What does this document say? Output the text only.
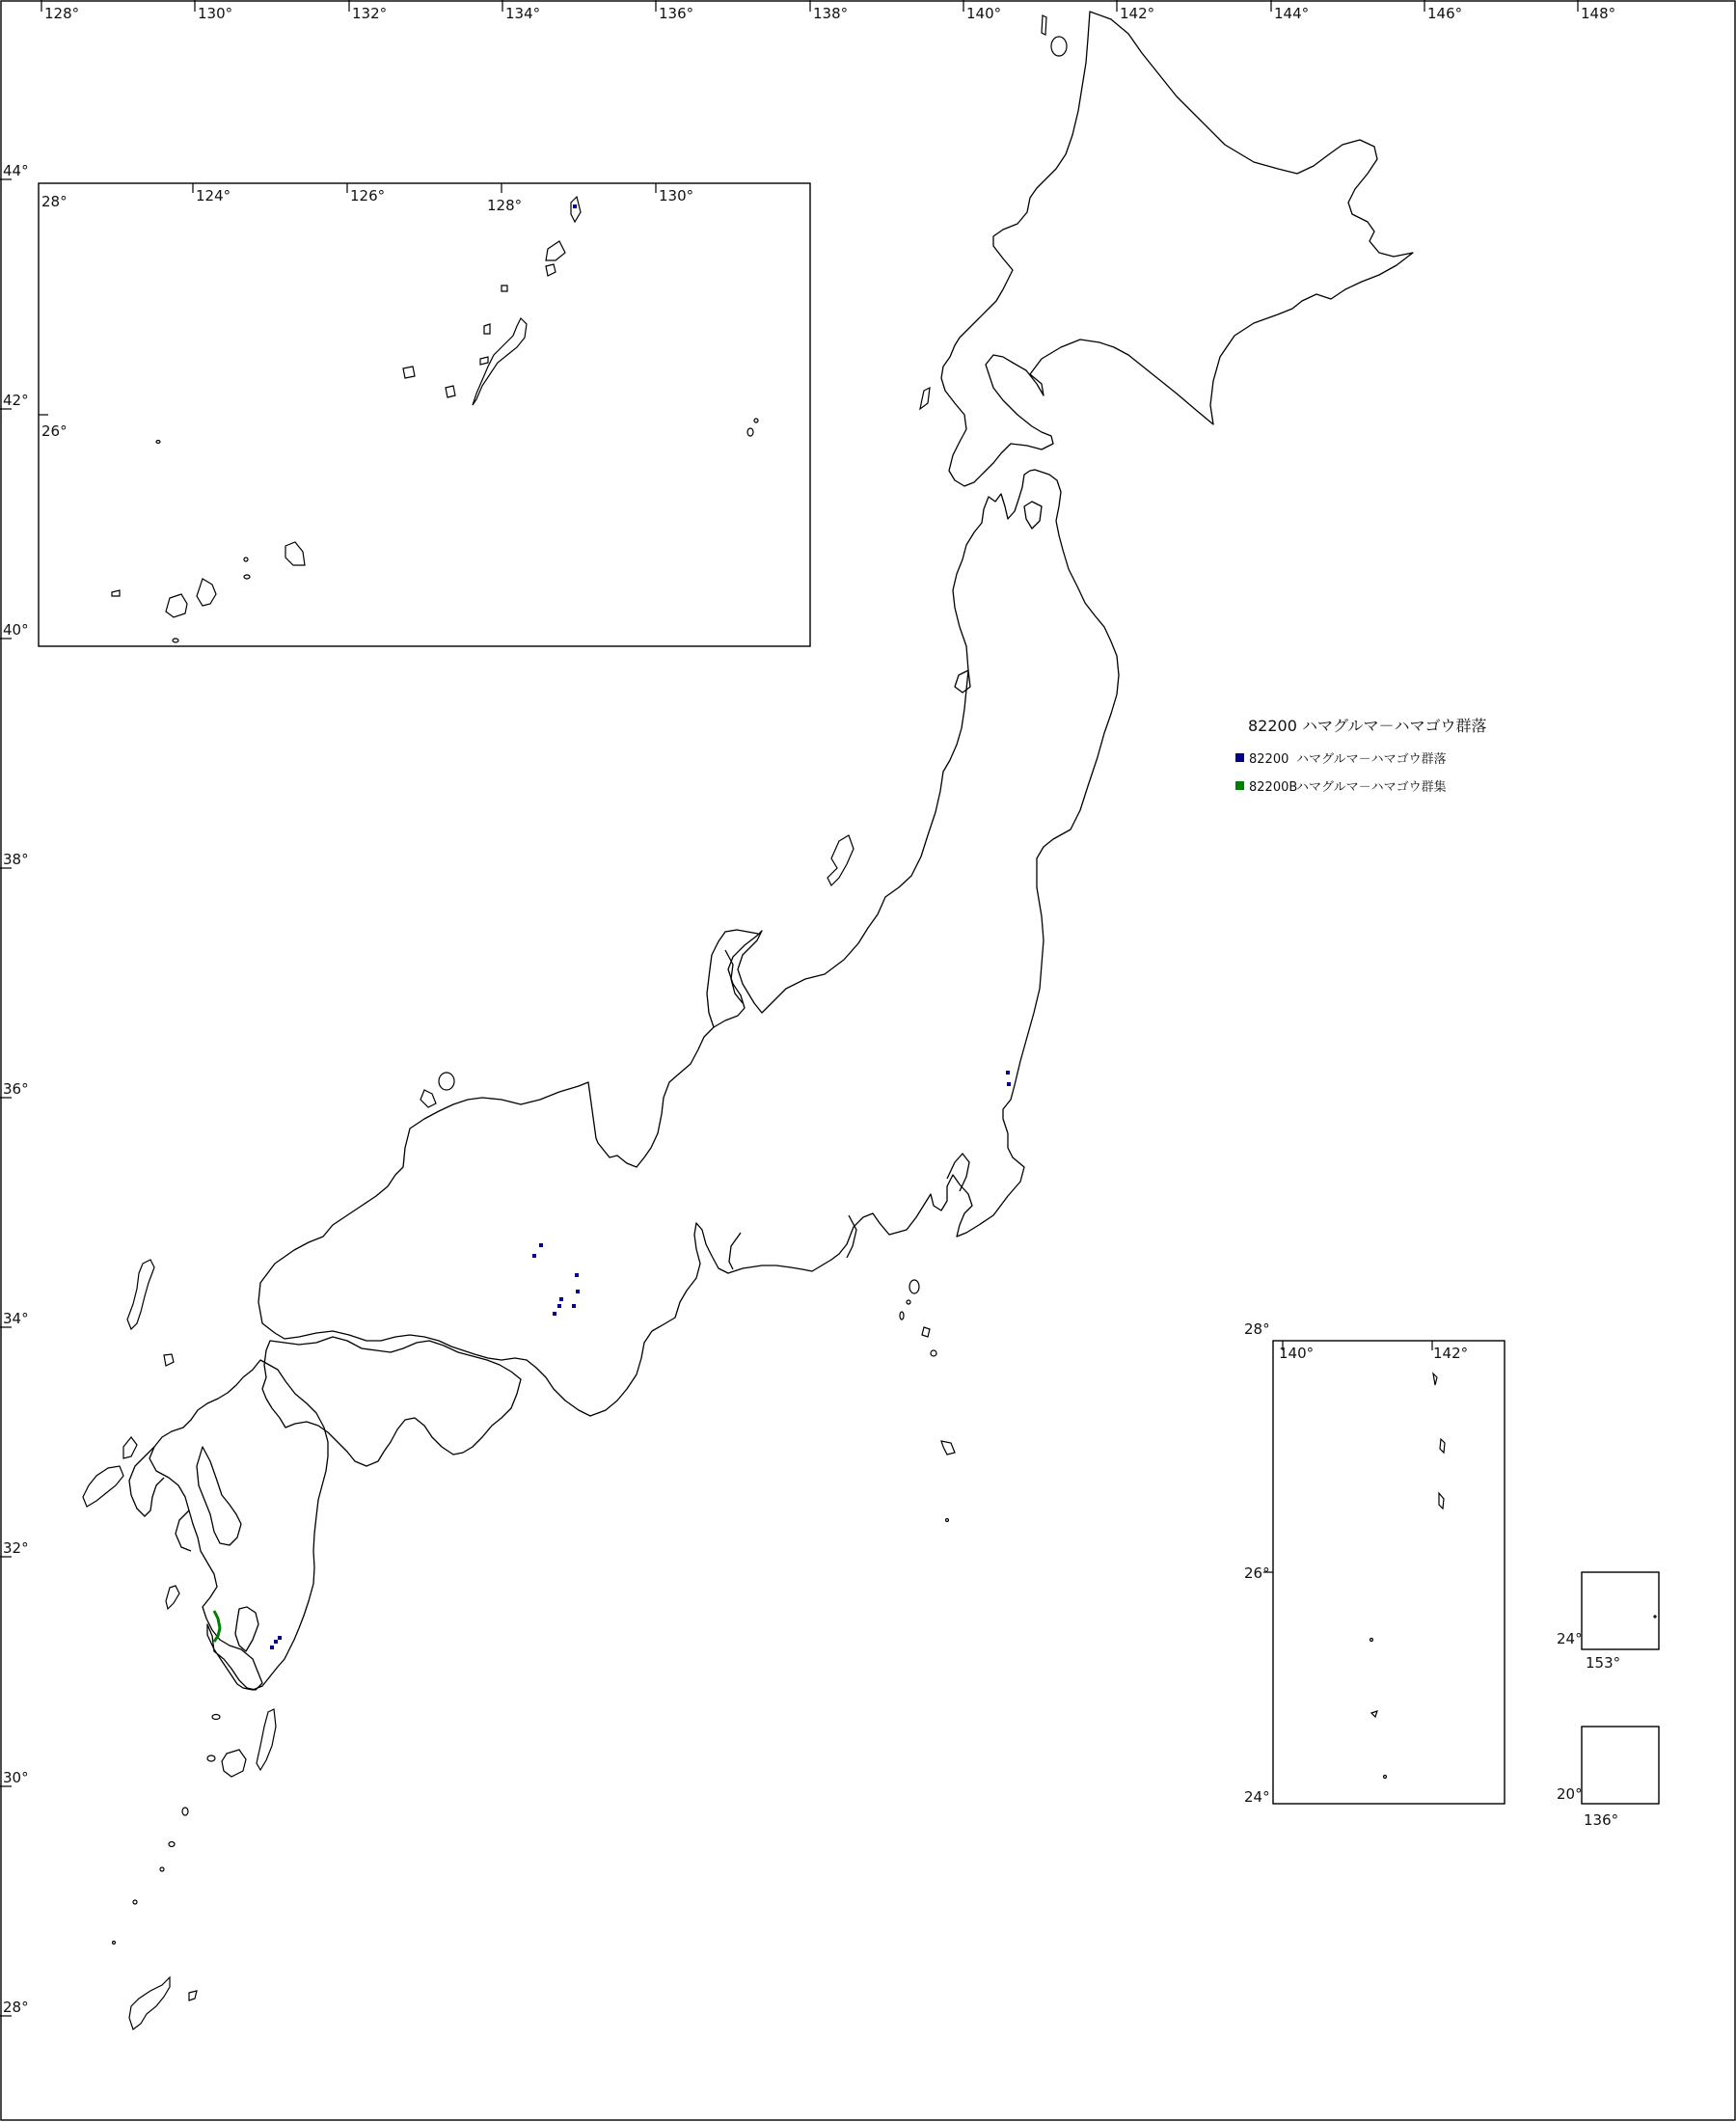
128°	130°	132°	134°	136°	138°	140°	142°	144°	146°	148°
44°
42°
40°
38°
36°
34°
32°
30°
28°
28°
26°
124°	126°
128°
130°
82200 ハマグルマ－ハマゴウ群落
82200 ハマグルマ－ハマゴウ群落
82200B
ハマグルマ－ハマゴウ群集
28°
26°
24°
140°	142°
24°
153°
20°
136°
